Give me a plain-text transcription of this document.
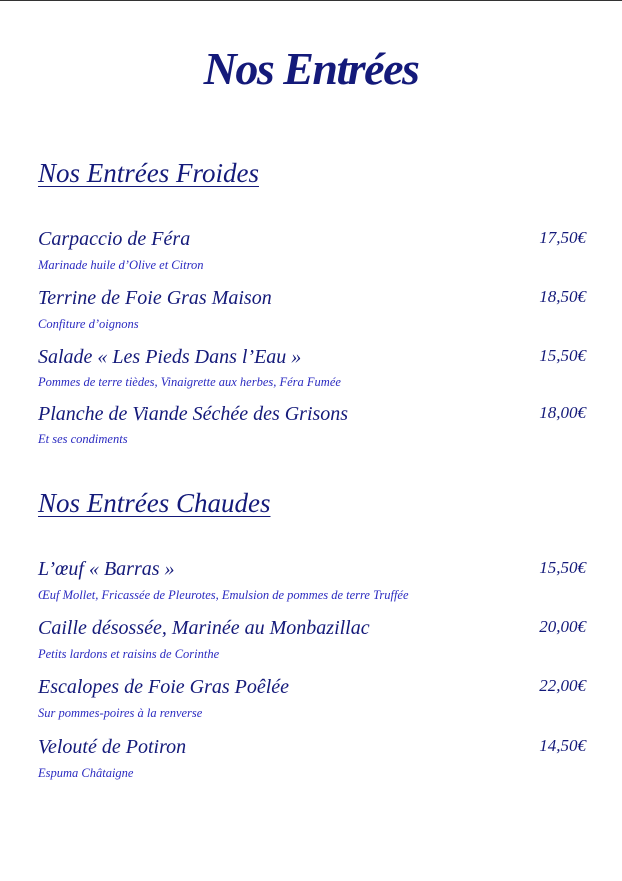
Nos Entrées
Nos Entrées Froides
Carpaccio de Féra	17,50€
Marinade huile d’Olive et Citron
Terrine de Foie Gras Maison	18,50€
Confiture d’oignons
Salade « Les Pieds Dans l’Eau »	15,50€
Pommes de terre tièdes, Vinaigrette aux herbes, Féra Fumée
Planche de Viande Séchée des Grisons	18,00€
Et ses condiments
Nos Entrées Chaudes
L’œuf « Barras »	15,50€
Œuf Mollet, Fricassée de Pleurotes, Emulsion de pommes de terre Truffée
Caille désossée, Marinée au Monbazillac	20,00€
Petits lardons et raisins de Corinthe
Escalopes de Foie Gras Poêlée	22,00€
Sur pommes-poires à la renverse
Velouté de Potiron	14,50€
Espuma Châtaigne
